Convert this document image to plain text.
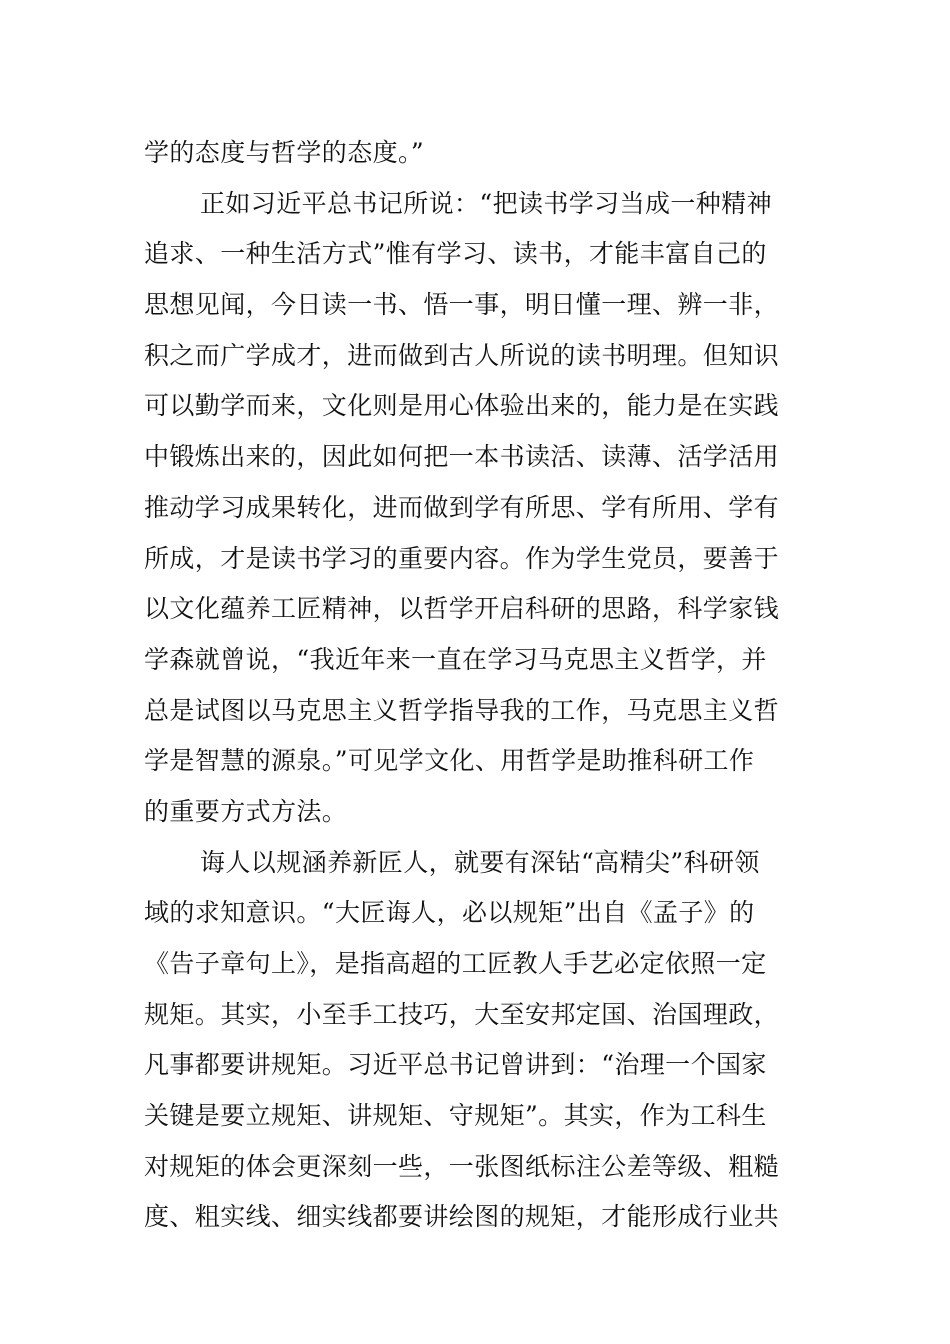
学的态度与哲学的态度。”
正如习近平总书记所说：“把读书学习当成一种精神
追求、一种生活方式”惟有学习、读书，才能丰富自己的
思想见闻，今日读一书、悟一事，明日懂一理、辨一非，
积之而广学成才，进而做到古人所说的读书明理。但知识
可以勤学而来，文化则是用心体验出来的，能力是在实践
中锻炼出来的，因此如何把一本书读活、读薄、活学活用
推动学习成果转化，进而做到学有所思、学有所用、学有
所成，才是读书学习的重要内容。作为学生党员，要善于
以文化蕴养工匠精神，以哲学开启科研的思路，科学家钱
学森就曾说，“我近年来一直在学习马克思主义哲学，并
总是试图以马克思主义哲学指导我的工作，马克思主义哲
学是智慧的源泉。”可见学文化、用哲学是助推科研工作
的重要方式方法。
诲人以规涵养新匠人，就要有深钻“高精尖”科研领
域的求知意识。“大匠诲人，必以规矩”出自《孟子》的
《告子章句上》，是指高超的工匠教人手艺必定依照一定
规矩。其实，小至手工技巧，大至安邦定国、治国理政，
凡事都要讲规矩。习近平总书记曾讲到：“治理一个国家
关键是要立规矩、讲规矩、守规矩”。其实，作为工科生
对规矩的体会更深刻一些，一张图纸标注公差等级、粗糙
度、粗实线、细实线都要讲绘图的规矩，才能形成行业共
